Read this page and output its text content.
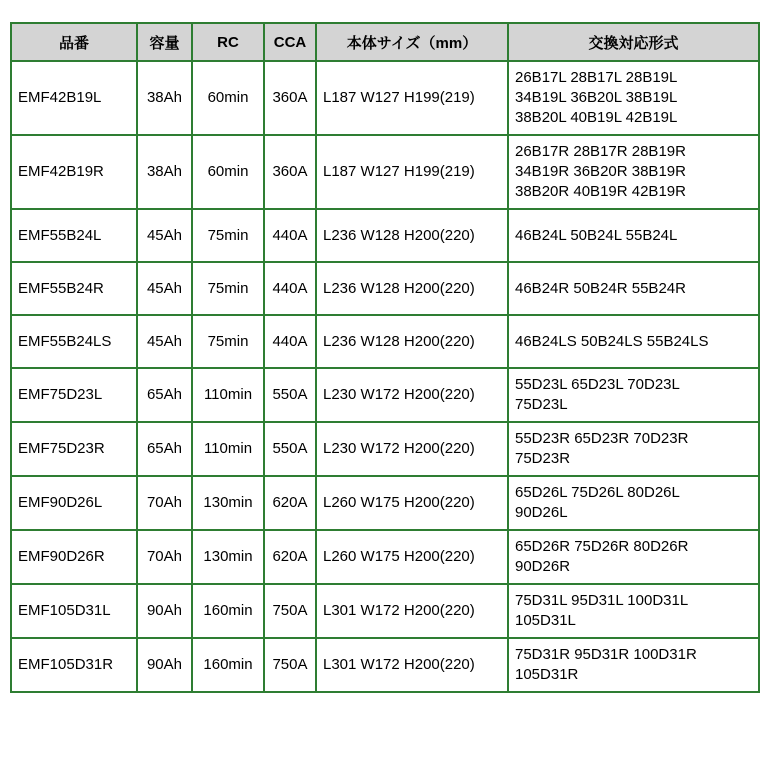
品番	容量	RC	CCA	本体サイズ（mm）	交換対応形式
EMF42B19L	38Ah	60min	360A	L187 W127 H199(219)	26B17L 28B17L 28B19L
34B19L 36B20L 38B19L
38B20L 40B19L 42B19L

EMF42B19R	38Ah	60min	360A	L187 W127 H199(219)	26B17R 28B17R 28B19R
34B19R 36B20R 38B19R
38B20R 40B19R 42B19R

EMF55B24L	45Ah	75min	440A	L236 W128 H200(220)	46B24L 50B24L 55B24L

EMF55B24R	45Ah	75min	440A	L236 W128 H200(220)	46B24R 50B24R 55B24R

EMF55B24LS	45Ah	75min	440A	L236 W128 H200(220)	46B24LS 50B24LS 55B24LS

EMF75D23L	65Ah	110min	550A	L230 W172 H200(220)	55D23L 65D23L 70D23L
75D23L

EMF75D23R	65Ah	110min	550A	L230 W172 H200(220)	55D23R 65D23R 70D23R
75D23R

EMF90D26L	70Ah	130min	620A	L260 W175 H200(220)	65D26L 75D26L 80D26L
90D26L

EMF90D26R	70Ah	130min	620A	L260 W175 H200(220)	65D26R 75D26R 80D26R
90D26R

EMF105D31L	90Ah	160min	750A	L301 W172 H200(220)	75D31L 95D31L 100D31L
105D31L

EMF105D31R	90Ah	160min	750A	L301 W172 H200(220)	75D31R 95D31R 100D31R
105D31R
